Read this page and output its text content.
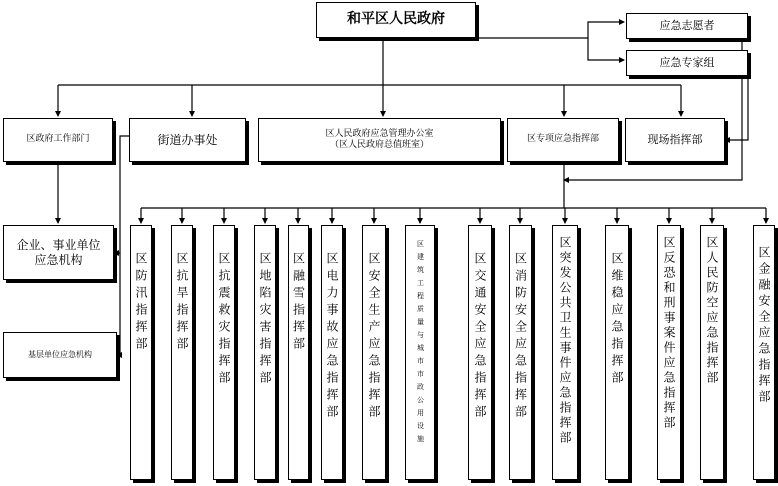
和平区人民政府	应急志愿者
应急专家组
区政府工作部门	街道办事处	区人民政府应急管理办公室
（区人民政府总值班室）
区专项应急指挥部	现场指挥部
企业、事业单位
应急机构
基层单位应急机构
区防汛指挥部 区抗旱指挥部 区抗震救灾指挥部 区地陷灾害指挥部 区融雪指挥部 区电力事故应急指挥部 区安全生产应急指挥部	区建筑工程质量与城市市政公用设施	区交通安全应急指挥部 区消防安全应急指挥部	区突发公共卫生事件应急指挥部	区维稳应急指挥部	区反恐和刑事案件应急指挥部 区人民防空应急指挥部	区金融安全应急指挥部
